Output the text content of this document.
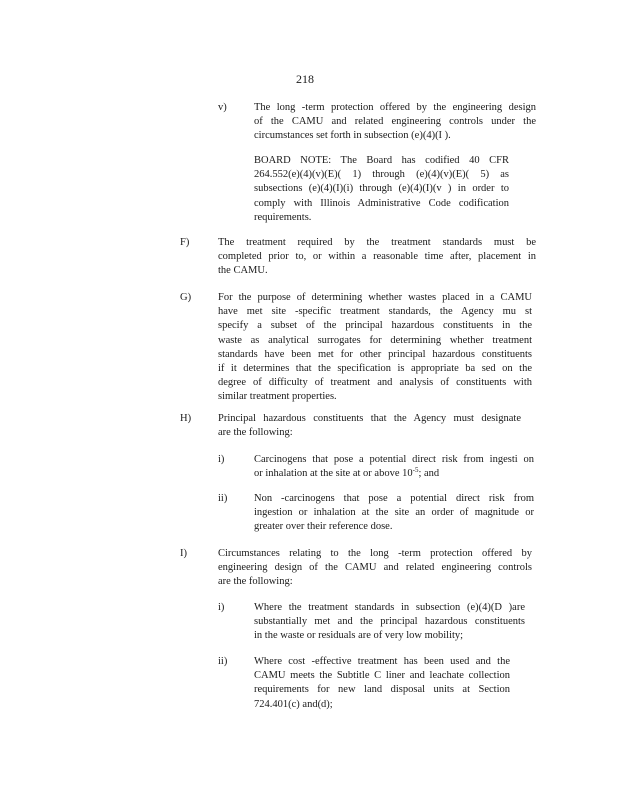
218
v)	The long -term protection offered by the engineering design
of the CAMU and related engineering controls under the
circumstances set forth in subsection (e)(4)(I ).
BOARD NOTE: The Board has codified 40 CFR
264.552(e)(4)(v)(E)( 1) through (e)(4)(v)(E)( 5) as
subsections (e)(4)(I)(i) through (e)(4)(I)(v ) in order to
comply with Illinois Administrative Code codification
requirements.
F)	The treatment required by the treatment standards must be
completed prior to, or within a reasonable time after, placement in
the CAMU.
G)	For the purpose of determining whether wastes placed in a CAMU
have met site -specific treatment standards, the Agency mu st
specify a subset of the principal hazardous constituents in the
waste as analytical surrogates for determining whether treatment
standards have been met for other principal hazardous constituents
if it determines that the specification is appropriate ba sed on the
degree of difficulty of treatment and analysis of constituents with
similar treatment properties.
H)	Principal hazardous constituents that the Agency must designate
are the following:
i)	Carcinogens that pose a potential direct risk from ingesti on
or inhalation at the site at or above $10^{-5}$; and
ii)	Non -carcinogens that pose a potential direct risk from
ingestion or inhalation at the site an order of magnitude or
greater over their reference dose.
I)	Circumstances relating to the long -term protection offered by
engineering design of the CAMU and related engineering controls
are the following:
i)	Where the treatment standards in subsection (e)(4)(D )are
substantially met and the principal hazardous constituents
in the waste or residuals are of very low mobility;
ii)	Where cost -effective treatment has been used and the
CAMU meets the Subtitle C liner and leachate collection
requirements for new land disposal units at Section
724.401(c) and(d);
